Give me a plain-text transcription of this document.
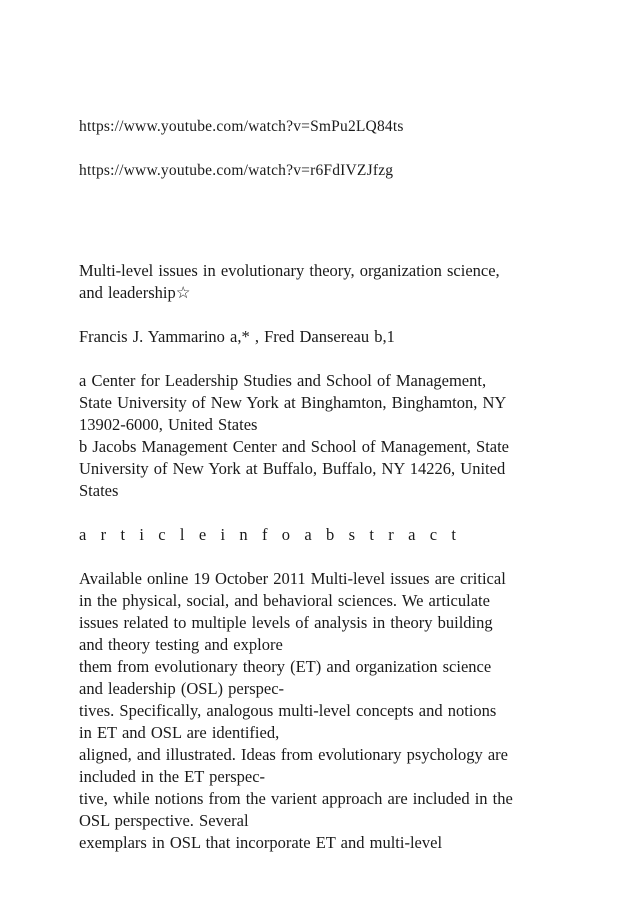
https://www.youtube.com/watch?v=SmPu2LQ84ts
https://www.youtube.com/watch?v=r6FdIVZJfzg
Multi-level issues in evolutionary theory, organization science,
and leadership☆
Francis J. Yammarino a,* , Fred Dansereau b,1
a Center for Leadership Studies and School of Management,
State University of New York at Binghamton, Binghamton, NY
13902-6000, United States
b Jacobs Management Center and School of Management, State
University of New York at Buffalo, Buffalo, NY 14226, United
States
a r t i c l e i n f o a b s t r a c t
Available online 19 October 2011 Multi-level issues are critical
in the physical, social, and behavioral sciences. We articulate
issues related to multiple levels of analysis in theory building
and theory testing and explore
them from evolutionary theory (ET) and organization science
and leadership (OSL) perspec-
tives. Specifically, analogous multi-level concepts and notions
in ET and OSL are identified,
aligned, and illustrated. Ideas from evolutionary psychology are
included in the ET perspec-
tive, while notions from the varient approach are included in the
OSL perspective. Several
exemplars in OSL that incorporate ET and multi-level
